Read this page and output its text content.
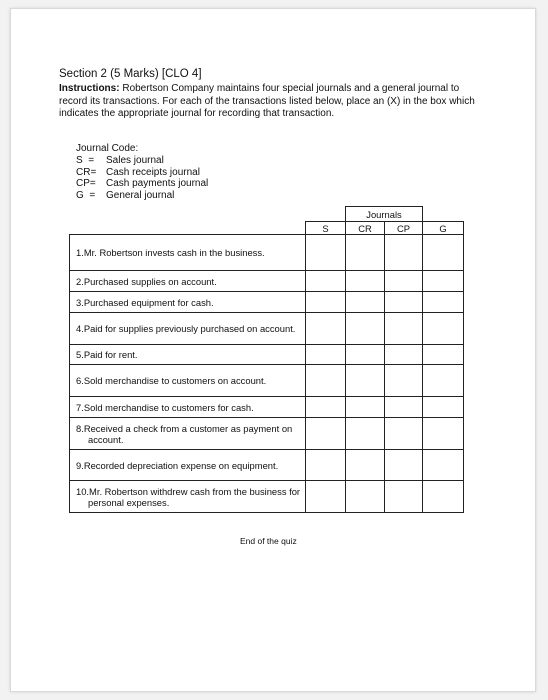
Section 2 (5 Marks) [CLO 4]
Instructions: Robertson Company maintains four special journals and a general journal to record its transactions. For each of the transactions listed below, place an (X) in the box which indicates the appropriate journal for recording that transaction.
Journal Code:
S  =	Sales journal
CR= Cash receipts journal
CP=	Cash payments journal
G  =	General journal
		Journals		
	S	CR	CP	G

1.Mr. Robertson invests cash in the business.				

2.Purchased supplies on account.				

3.Purchased equipment for cash.				

4.Paid for supplies previously purchased on account.				

5.Paid for rent.				

6.Sold merchandise to customers on account.				

7.Sold merchandise to customers for cash.				

8.Received a check from a customer as payment on account.				

9.Recorded depreciation expense on equipment.				

10.Mr. Robertson withdrew cash from the business for personal expenses.				

End of the quiz
